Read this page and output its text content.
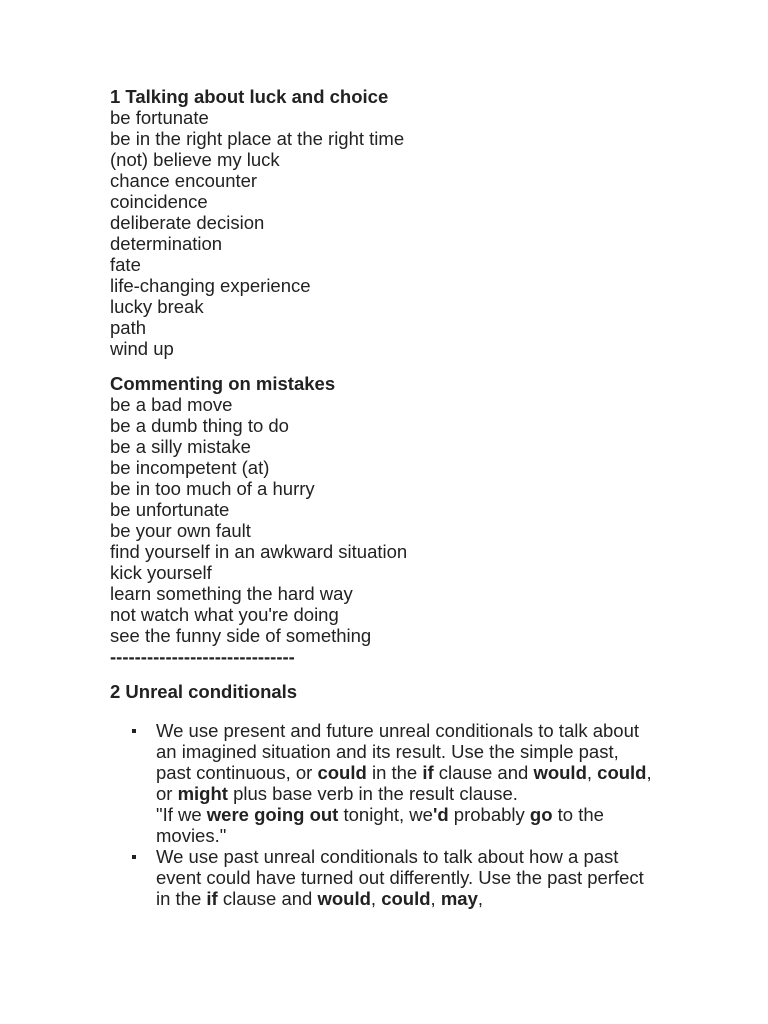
1 Talking about luck and choice
be fortunate
be in the right place at the right time
(not) believe my luck
chance encounter
coincidence
deliberate decision
determination
fate
life-changing experience
lucky break
path
wind up
Commenting on mistakes
be a bad move
be a dumb thing to do
be a silly mistake
be incompetent (at)
be in too much of a hurry
be unfortunate
be your own fault
find yourself in an awkward situation
kick yourself
learn something the hard way
not watch what you're doing
see the funny side of something
------------------------------
2 Unreal conditionals
We use present and future unreal conditionals to talk about an imagined situation and its result. Use the simple past, past continuous, or could in the if clause and would, could, or might plus base verb in the result clause.
"If we were going out tonight, we'd probably go to the movies."
We use past unreal conditionals to talk about how a past event could have turned out differently. Use the past perfect in the if clause and would, could, may,
